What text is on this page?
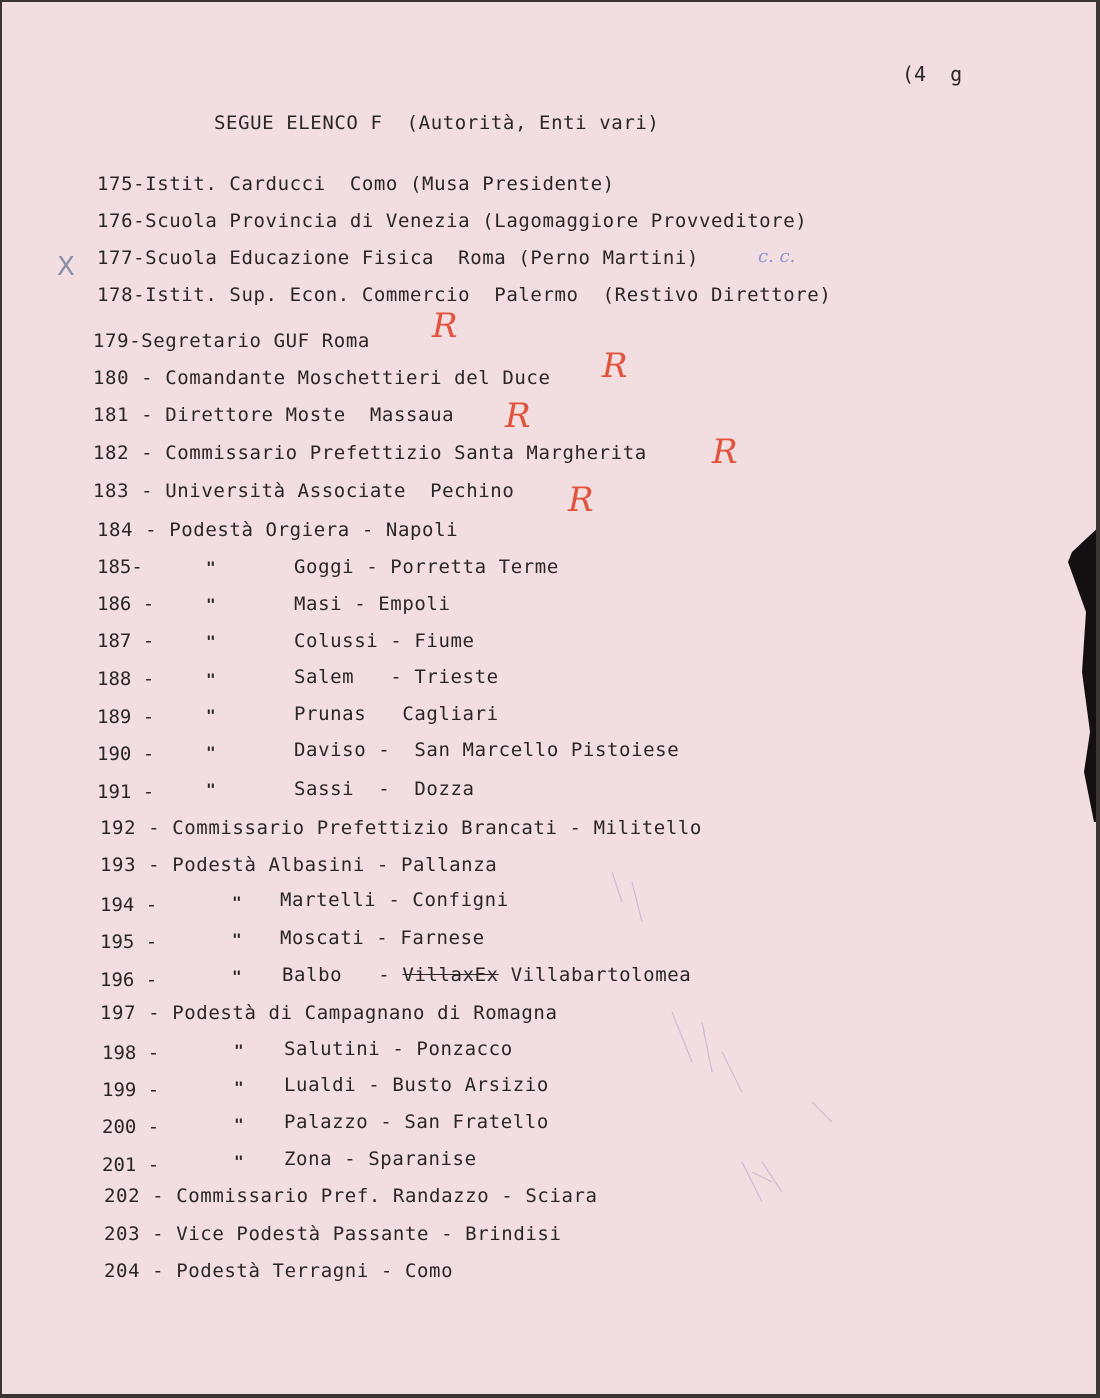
(4  g
SEGUE ELENCO F  (Autorità, Enti vari)
175-Istit. Carducci  Como (Musa Presidente)
176-Scuola Provincia di Venezia (Lagomaggiore Provveditore)
X 177-Scuola Educazione Fisica  Roma (Perno Martini)	c. c.
178-Istit. Sup. Econ. Commercio  Palermo  (Restivo Direttore)
179-Segretario GUF Roma R
180 - Comandante Moschettieri del Duce R
181 - Direttore Moste  Massaua R
182 - Commissario Prefettizio Santa Margherita R
183 - Università Associate  Pechino R
184 - Podestà Orgiera - Napoli
185-	"	Goggi - Porretta Terme
186 -	"	Masi - Empoli
187 -	"	Colussi - Fiume
188 -	"	Salem   - Trieste
189 -	"	Prunas   Cagliari
190 -	"	Daviso -  San Marcello Pistoiese
191 -	"	Sassi  -  Dozza
192 - Commissario Prefettizio Brancati - Militello
193 - Podestà Albasini - Pallanza
194 -	" Martelli - Configni
195 -	" Moscati - Farnese
196 -	" Balbo   - VillaxEx Villabartolomea
197 - Podestà di Campagnano di Romagna
198 -	" Salutini - Ponzacco
199 -	" Lualdi - Busto Arsizio
200 -	" Palazzo - San Fratello
201 -	" Zona - Sparanise
202 - Commissario Pref. Randazzo - Sciara
203 - Vice Podestà Passante - Brindisi
204 - Podestà Terragni - Como
